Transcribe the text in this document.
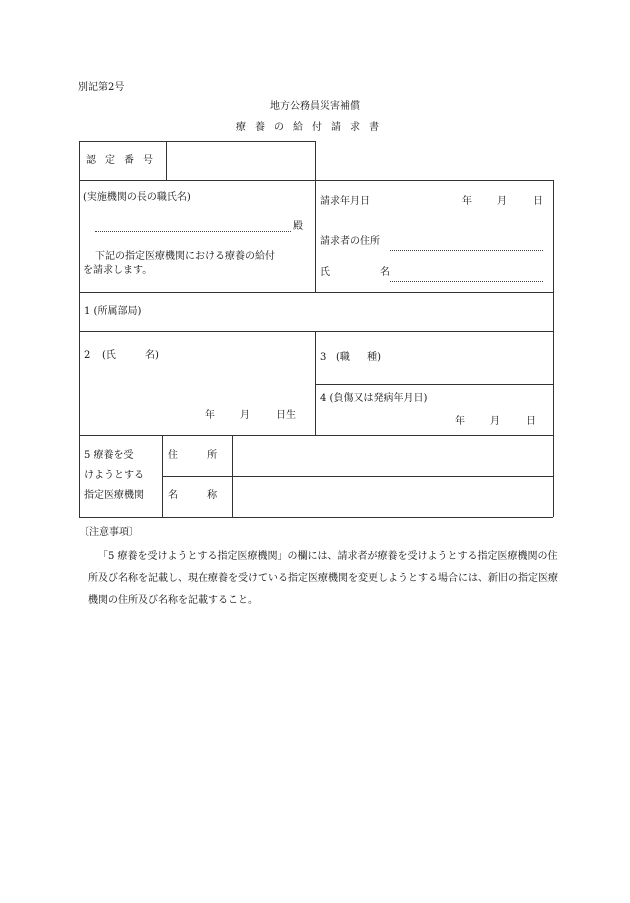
別記第2号
地方公務員災害補償
療養の給付請求書
認定番号
(実施機関の長の職氏名)
殿
下記の指定医療機関における療養の給付
を請求します。
請求年月日	年	月	日
請求者の住所
氏	名
1 (所属部局)
2 (氏	名)
年	月	日生
3 (職 種)
4 (負傷又は発病年月日)
年	月	日
5 療養を受
けようとする
指定医療機関
住 所
名 称
〔注意事項〕
「5 療養を受けようとする指定医療機関」の欄には、請求者が療養を受けようとする指定医療機関の住所及び名称を記載し、現在療養を受けている指定医療機関を変更しようとする場合には、新旧の指定医療機関の住所及び名称を記載すること。
